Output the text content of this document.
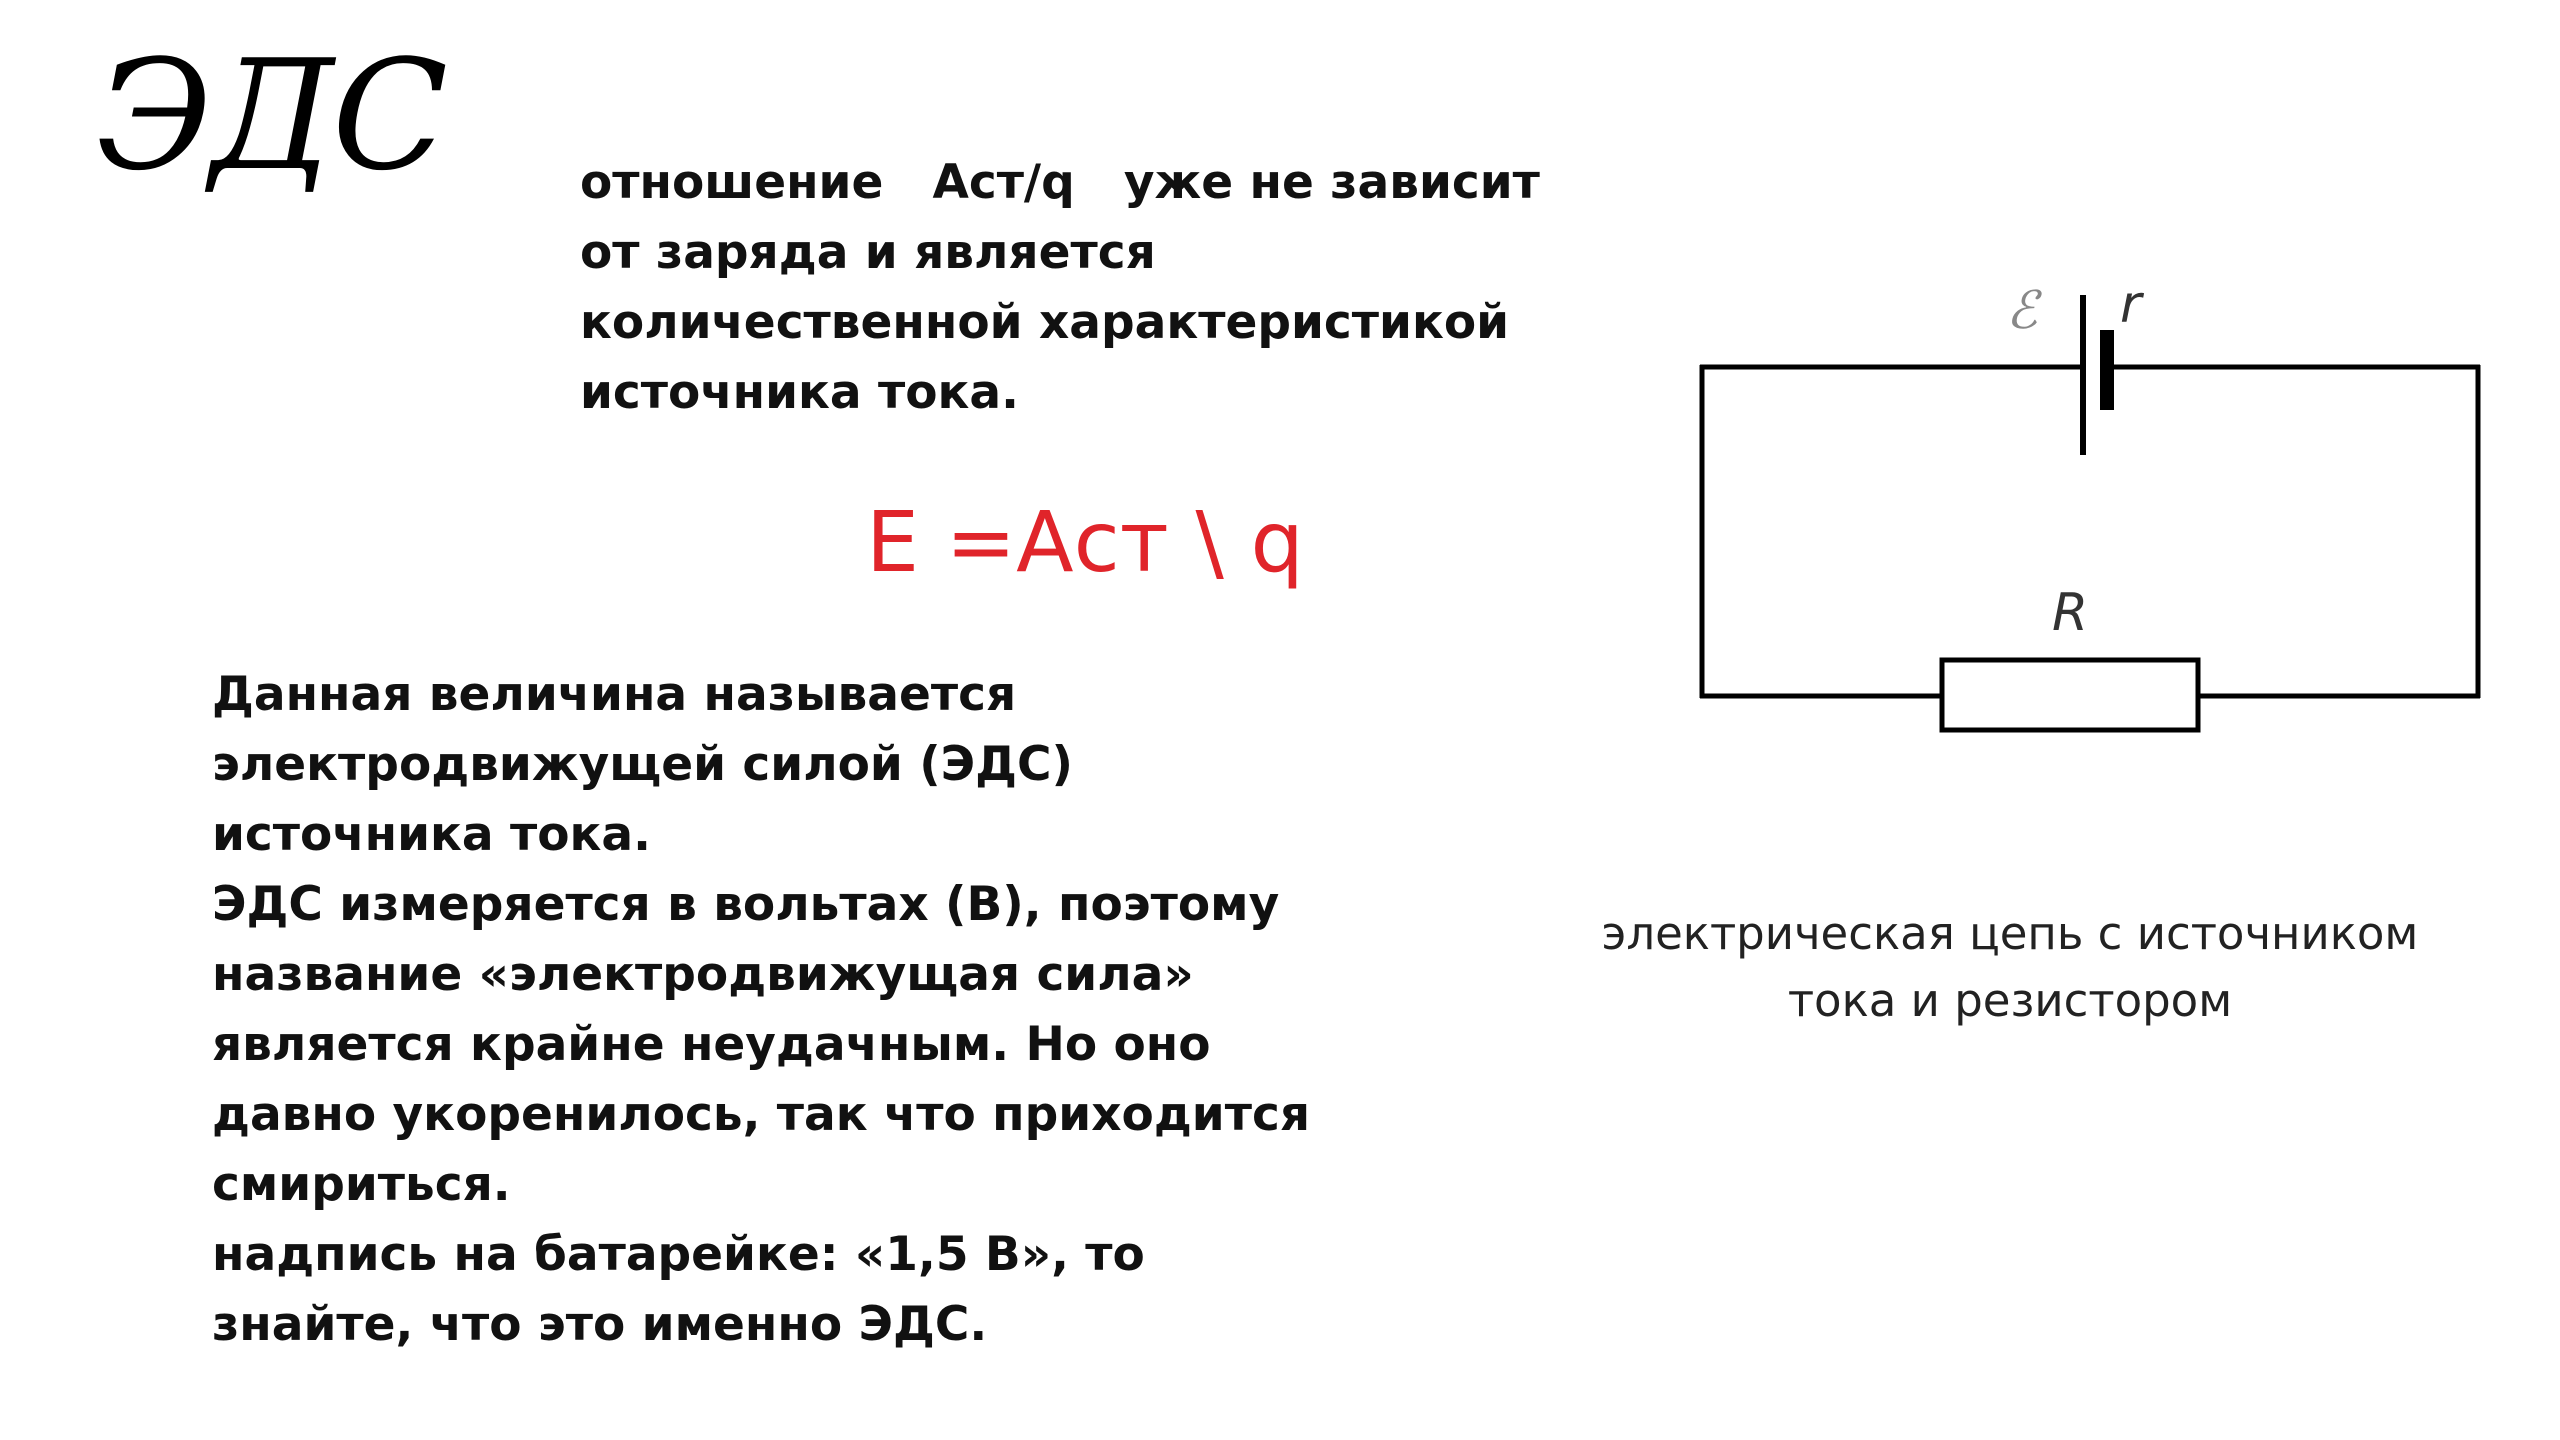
ЭДС	отношение   Aст/q   уже не зависит
от заряда и является
количественной характеристикой
источника тока.
E =Aст \ q
Данная величина называется
электродвижущей силой (ЭДС)
источника тока.
ЭДС измеряется в вольтах (В), поэтому
название «электродвижущая сила»
является крайне неудачным. Но оно
давно укоренилось, так что приходится
смириться.
надпись на батарейке: «1,5 В», то
знайте, что это именно ЭДС.
ℰ r
R
электрическая цепь с источником
тока и резистором
